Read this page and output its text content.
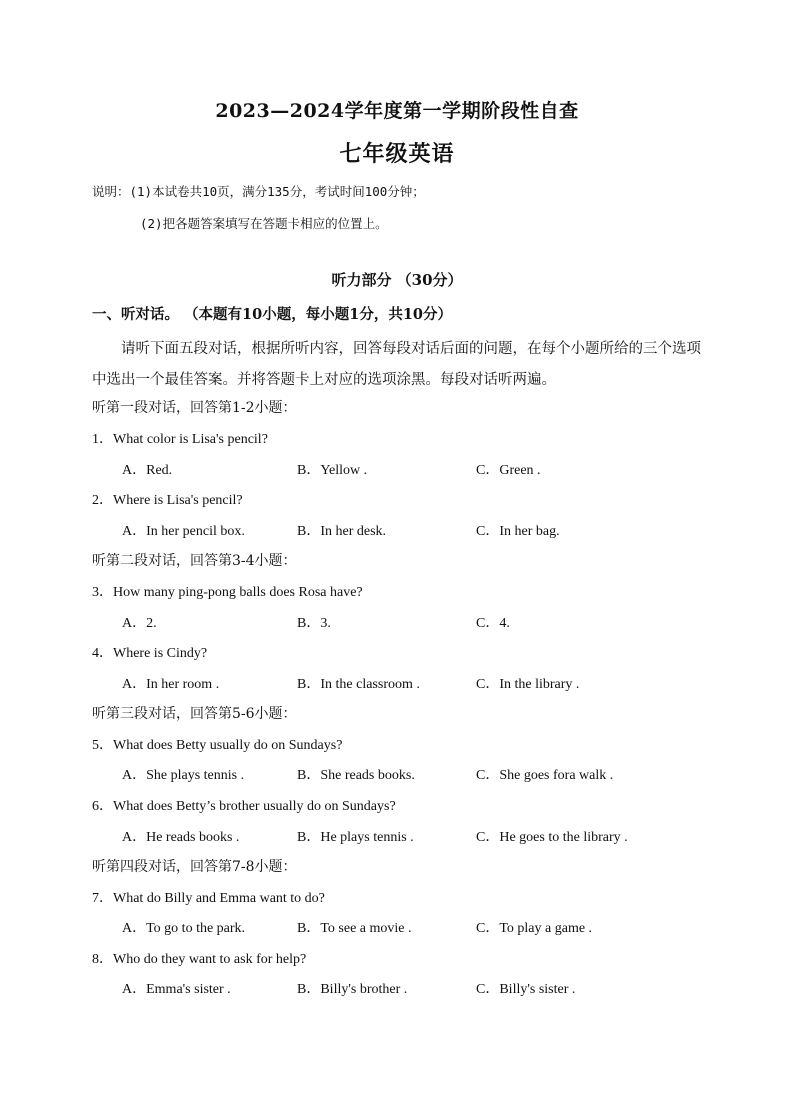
2023—2024学年度第一学期阶段性自查
七年级英语
说明：(1)本试卷共10页，满分135分，考试时间100分钟；
(2)把各题答案填写在答题卡相应的位置上。
听力部分 （30分）
一、听对话。 （本题有10小题，每小题1分，共10分）
请听下面五段对话，根据所听内容，回答每段对话后面的问题，在每个小题所给的三个选项中选出一个最佳答案。并将答题卡上对应的选项涂黑。每段对话听两遍。
听第一段对话，回答第1-2小题：
1．What color is Lisa's pencil?
A．Red.	B．Yellow .	C．Green .
2．Where is Lisa's pencil?
A．In her pencil box.	B．In her desk.	C．In her bag.
听第二段对话，回答第3-4小题：
3．How many ping-pong balls does Rosa have?
A．2.	B．3.	C．4.
4．Where is Cindy?
A．In her room .	B．In the classroom .	C．In the library .
听第三段对话，回答第5-6小题：
5．What does Betty usually do on Sundays?
A．She plays tennis .	B．She reads books.	C．She goes fora walk .
6．What does Betty’s brother usually do on Sundays?
A．He reads books .	B．He plays tennis .	C．He goes to the library .
听第四段对话，回答第7-8小题：
7．What do Billy and Emma want to do?
A．To go to the park.	B．To see a movie .	C．To play a game .
8．Who do they want to ask for help?
A．Emma's sister .	B．Billy's brother .	C．Billy's sister .
